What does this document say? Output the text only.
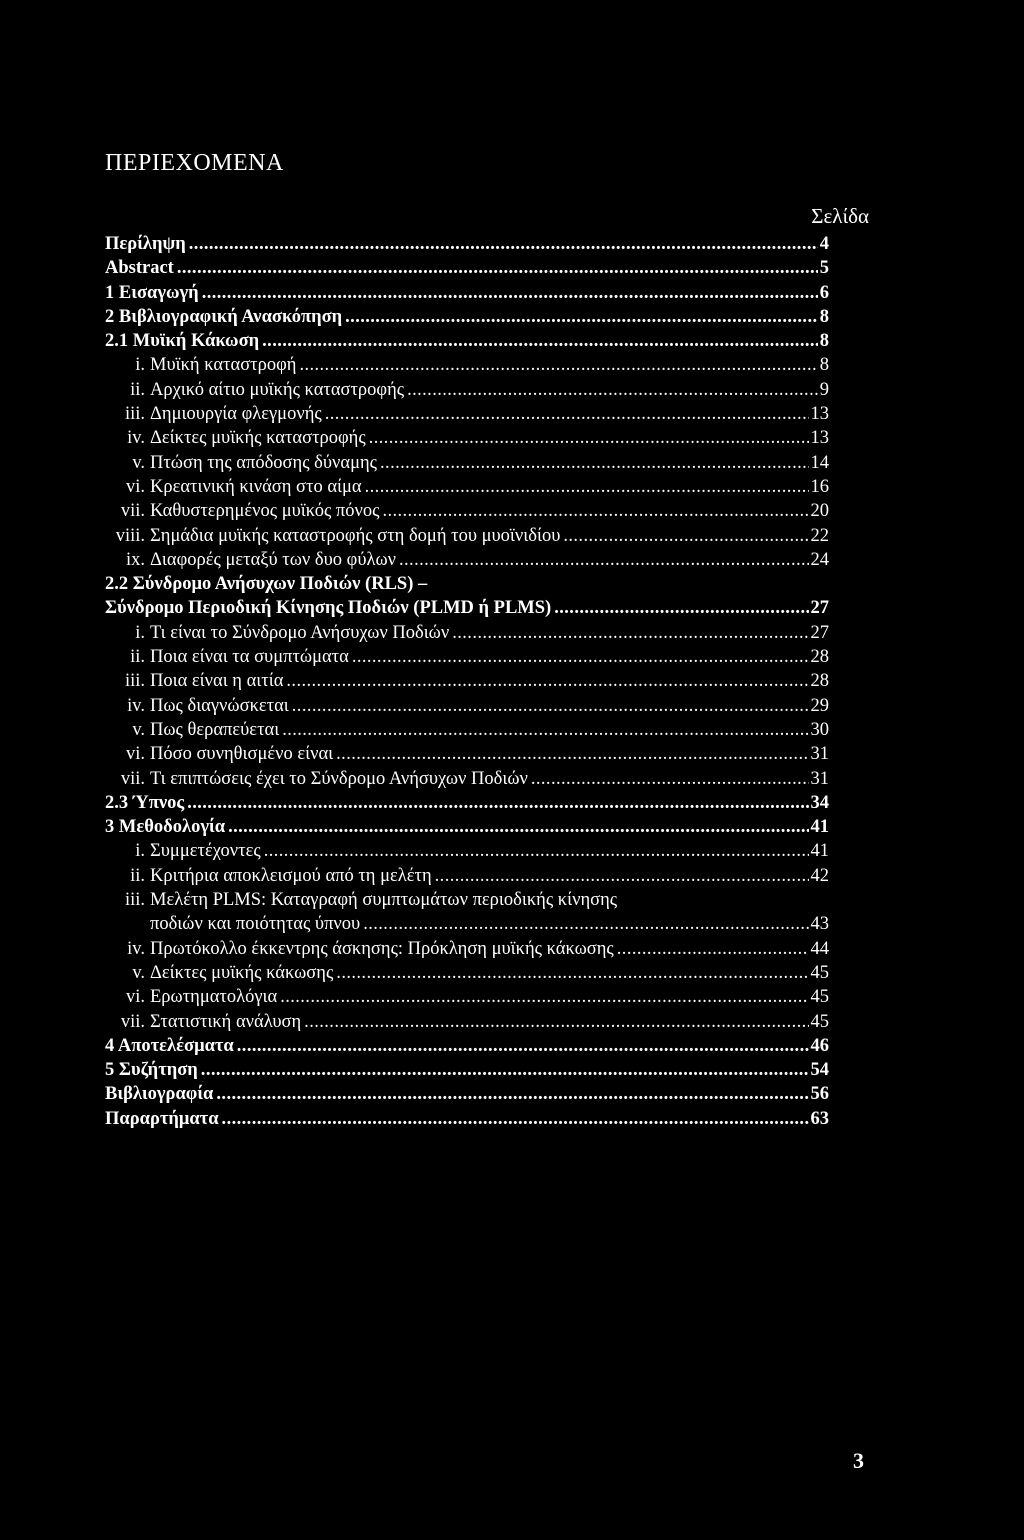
ΠΕΡΙΕΧΟΜΕΝΑ
Σελίδα
Περίληψη .....	4
Abstract .....	5
1 Εισαγωγή .....	6
2 Βιβλιογραφική Ανασκόπηση .....	8
2.1 Μυϊκή Κάκωση .....	8
i. Μυϊκή καταστροφή .....	8
ii. Αρχικό αίτιο μυϊκής καταστροφής .....	9
iii. Δημιουργία φλεγμονής .....	13
iv. Δείκτες μυϊκής καταστροφής .....	13
v. Πτώση της απόδοσης δύναμης .....	14
vi. Κρεατινική κινάση στο αίμα .....	16
vii. Καθυστερημένος μυϊκός πόνος .....	20
viii. Σημάδια μυϊκής καταστροφής στη δομή του μυοϊνιδίου .....	22
ix. Διαφορές μεταξύ των δυο φύλων .....	24
2.2 Σύνδρομο Ανήσυχων Ποδιών (RLS) –
Σύνδρομο Περιοδική Κίνησης Ποδιών (PLMD ή PLMS) .....	27
i. Τι είναι το Σύνδρομο Ανήσυχων Ποδιών .....	27
ii. Ποια είναι τα συμπτώματα .....	28
iii. Ποια είναι η αιτία .....	28
iv. Πως διαγνώσκεται .....	29
v. Πως θεραπεύεται .....	30
vi. Πόσο συνηθισμένο είναι .....	31
vii. Τι επιπτώσεις έχει το Σύνδρομο Ανήσυχων Ποδιών .....	31
2.3 Ύπνος .....	34
3 Μεθοδολογία .....	41
i. Συμμετέχοντες .....	41
ii. Κριτήρια αποκλεισμού από τη μελέτη .....	42
iii. Μελέτη PLMS: Καταγραφή συμπτωμάτων περιοδικής κίνησης
ποδιών και ποιότητας ύπνου .....	43
iv. Πρωτόκολλο έκκεντρης άσκησης: Πρόκληση μυϊκής κάκωσης .....	44
v. Δείκτες μυϊκής κάκωσης .....	45
vi. Ερωτηματολόγια .....	45
vii. Στατιστική ανάλυση .....	45
4 Αποτελέσματα .....	46
5 Συζήτηση .....	54
Βιβλιογραφία .....	56
Παραρτήματα .....	63
3
